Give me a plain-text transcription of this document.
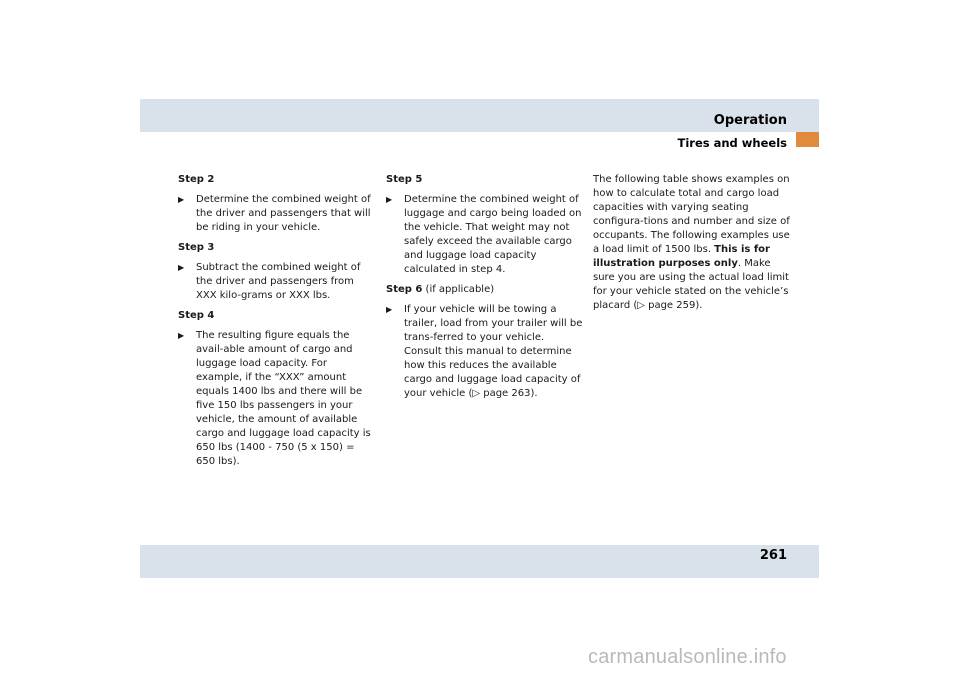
Operation
Tires and wheels
Step 2
▶ Determine the combined weight of the driver and passengers that will be riding in your vehicle.
Step 3
▶ Subtract the combined weight of the driver and passengers from XXX kilo-grams or XXX lbs.
Step 4
▶ The resulting figure equals the avail-able amount of cargo and luggage load capacity. For example, if the “XXX” amount equals 1400 lbs and there will be five 150 lbs passengers in your vehicle, the amount of available cargo and luggage load capacity is 650 lbs (1400 - 750 (5 x 150) = 650 lbs).
Step 5
▶ Determine the combined weight of luggage and cargo being loaded on the vehicle. That weight may not safely exceed the available cargo and luggage load capacity calculated in step 4.
Step 6 (if applicable)
▶ If your vehicle will be towing a trailer, load from your trailer will be trans-ferred to your vehicle. Consult this manual to determine how this reduces the available cargo and luggage load capacity of your vehicle (▷ page 263).

The following table shows examples on how to calculate total and cargo load capacities with varying seating configura-tions and number and size of occupants. The following examples use a load limit of 1500 lbs. This is for illustration purposes only. Make sure you are using the actual load limit for your vehicle stated on the vehicle’s placard (▷ page 259).

261
carmanualsonline.info
